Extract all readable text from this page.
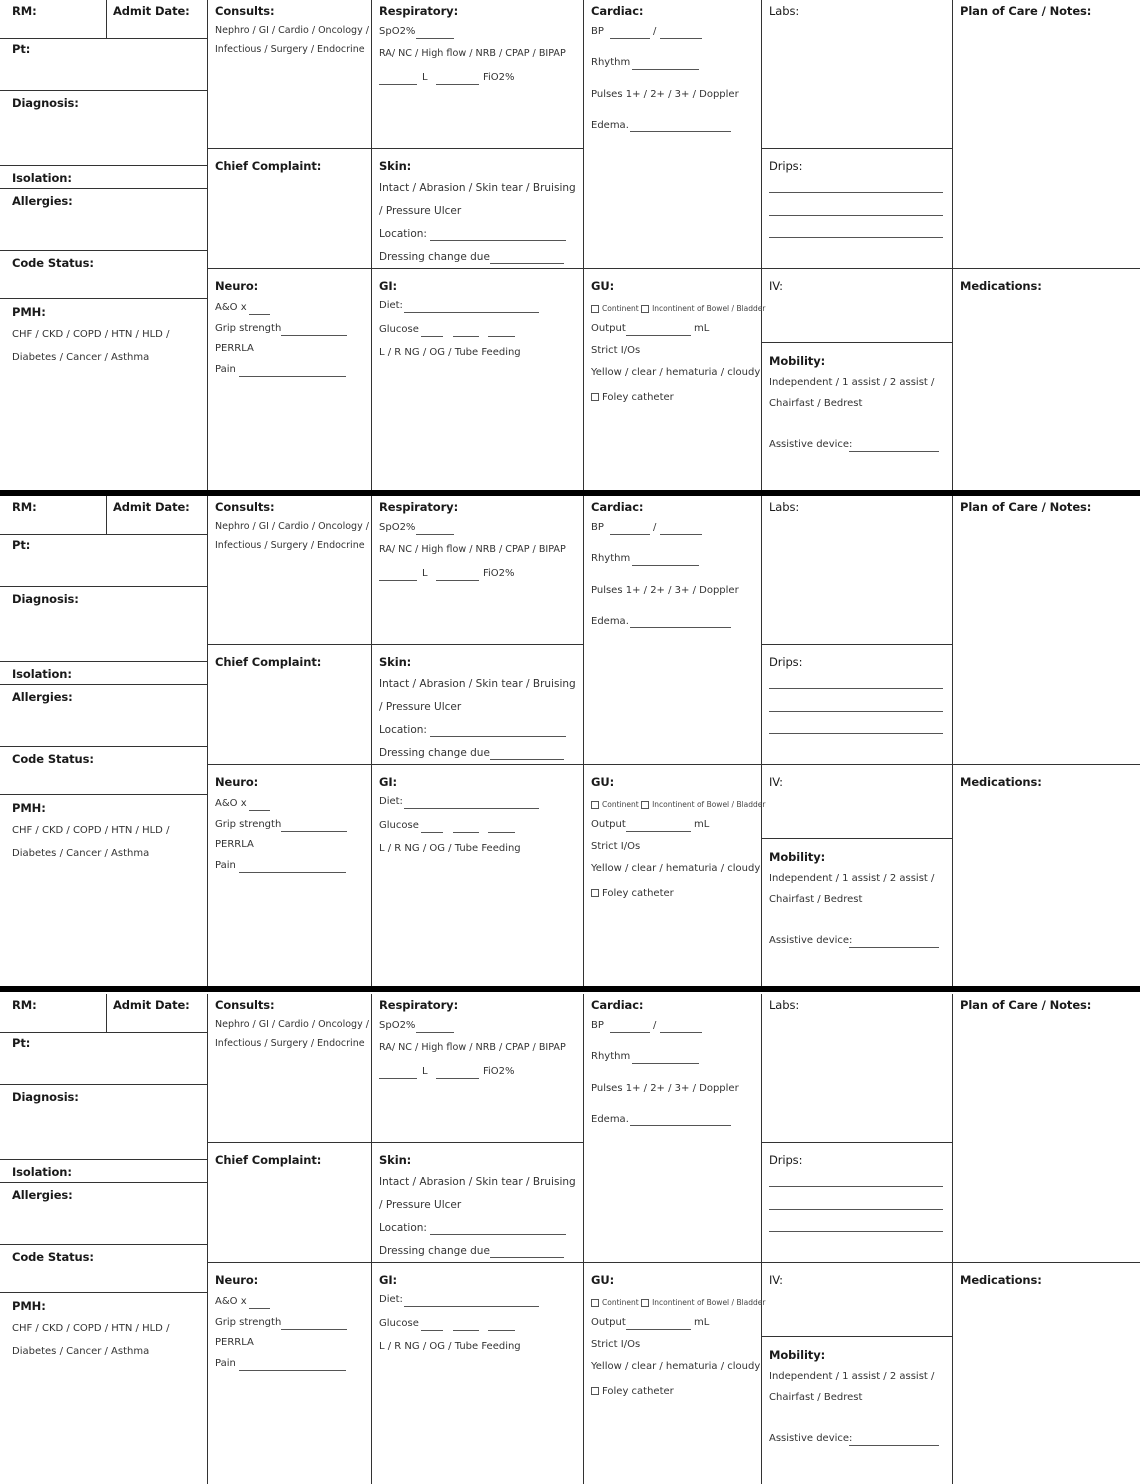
RM:	Admit Date:
Pt:
Diagnosis:
Isolation:
Allergies:
Code Status:
PMH:
CHF / CKD / COPD / HTN / HLD /
Diabetes / Cancer / Asthma
Consults:
Nephro / GI / Cardio / Oncology /
Infectious / Surgery / Endocrine
Chief Complaint:
Neuro:
A&O x
Grip strength
PERRLA
Pain
Respiratory:
SpO2%
RA/ NC / High flow / NRB / CPAP / BIPAP
L	FiO2%
Skin:
Intact / Abrasion / Skin tear / Bruising
/ Pressure Ulcer
Location:
Dressing change due
GI:
Diet:
Glucose
L / R NG / OG / Tube Feeding
Cardiac:
BP	/
Rhythm
Pulses 1+ / 2+ / 3+ / Doppler
Edema.
GU:
Continent Incontinent of Bowel / Bladder
Output	mL
Strict I/Os
Yellow / clear / hematuria / cloudy
Foley catheter
Labs:
Drips:
IV:
Mobility:
Independent / 1 assist / 2 assist /
Chairfast / Bedrest
Assistive device:
Plan of Care / Notes:
Medications:
RM:	Admit Date:
Pt:
Diagnosis:
Isolation:
Allergies:
Code Status:
PMH:
CHF / CKD / COPD / HTN / HLD /
Diabetes / Cancer / Asthma
Consults:
Nephro / GI / Cardio / Oncology /
Infectious / Surgery / Endocrine
Chief Complaint:
Neuro:
A&O x
Grip strength
PERRLA
Pain
Respiratory:
SpO2%
RA/ NC / High flow / NRB / CPAP / BIPAP
L	FiO2%
Skin:
Intact / Abrasion / Skin tear / Bruising
/ Pressure Ulcer
Location:
Dressing change due
GI:
Diet:
Glucose
L / R NG / OG / Tube Feeding
Cardiac:
BP	/
Rhythm
Pulses 1+ / 2+ / 3+ / Doppler
Edema.
GU:
Continent Incontinent of Bowel / Bladder
Output	mL
Strict I/Os
Yellow / clear / hematuria / cloudy
Foley catheter
Labs:
Drips:
IV:
Mobility:
Independent / 1 assist / 2 assist /
Chairfast / Bedrest
Assistive device:
Plan of Care / Notes:
Medications:
RM:	Admit Date:
Pt:
Diagnosis:
Isolation:
Allergies:
Code Status:
PMH:
CHF / CKD / COPD / HTN / HLD /
Diabetes / Cancer / Asthma
Consults:
Nephro / GI / Cardio / Oncology /
Infectious / Surgery / Endocrine
Chief Complaint:
Neuro:
A&O x
Grip strength
PERRLA
Pain
Respiratory:
SpO2%
RA/ NC / High flow / NRB / CPAP / BIPAP
L	FiO2%
Skin:
Intact / Abrasion / Skin tear / Bruising
/ Pressure Ulcer
Location:
Dressing change due
GI:
Diet:
Glucose
L / R NG / OG / Tube Feeding
Cardiac:
BP	/
Rhythm
Pulses 1+ / 2+ / 3+ / Doppler
Edema.
GU:
Continent Incontinent of Bowel / Bladder
Output	mL
Strict I/Os
Yellow / clear / hematuria / cloudy
Foley catheter
Labs:
Drips:
IV:
Mobility:
Independent / 1 assist / 2 assist /
Chairfast / Bedrest
Assistive device:
Plan of Care / Notes:
Medications:
